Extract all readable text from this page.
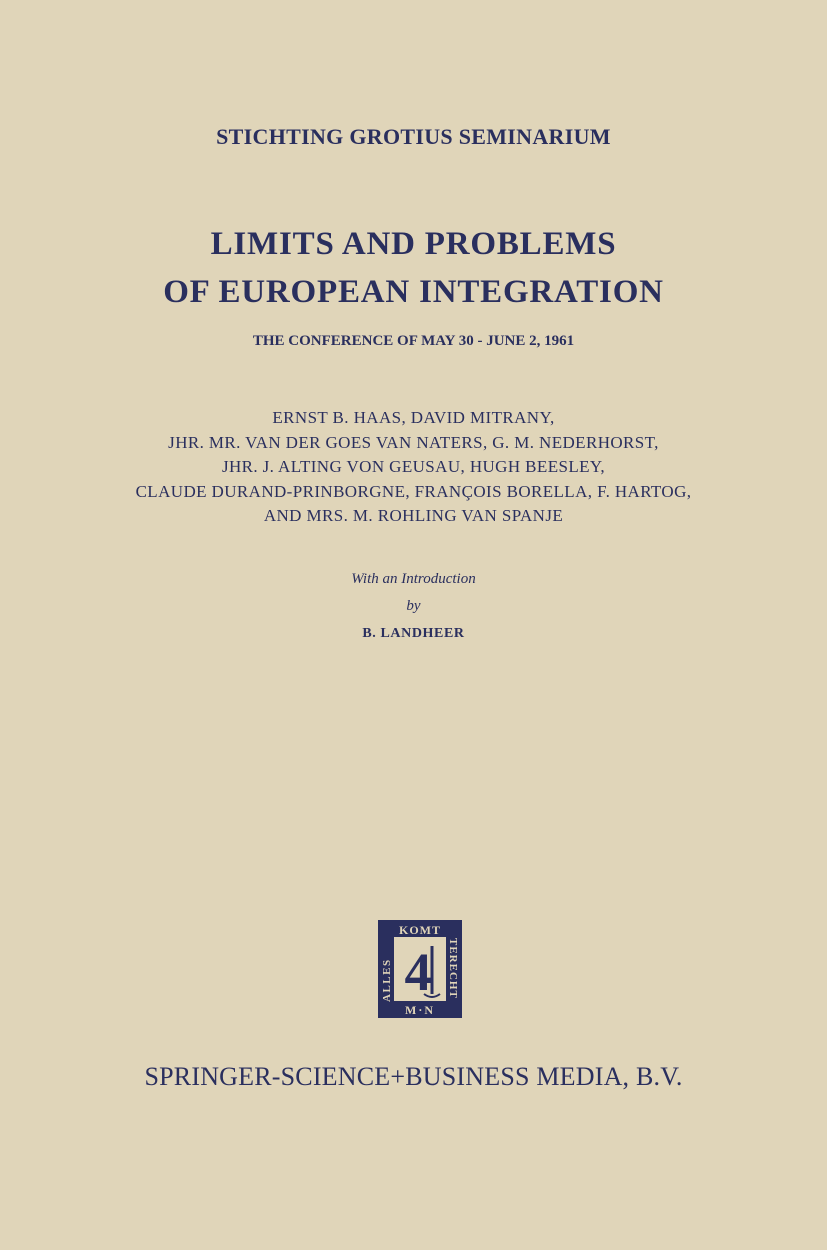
STICHTING GROTIUS SEMINARIUM
LIMITS AND PROBLEMS
OF EUROPEAN INTEGRATION
THE CONFERENCE OF MAY 30 - JUNE 2, 1961
ERNST B. HAAS, DAVID MITRANY,
JHR. MR. VAN DER GOES VAN NATERS, G. M. NEDERHORST,
JHR. J. ALTING VON GEUSAU, HUGH BEESLEY,
CLAUDE DURAND-PRINBORGNE, FRANÇOIS BORELLA, F. HARTOG,
AND MRS. M. ROHLING VAN SPANJE
With an Introduction
by
B. LANDHEER
KOMT
M·N
ALLES	TERECHT
4
SPRINGER-SCIENCE+BUSINESS MEDIA, B.V.
